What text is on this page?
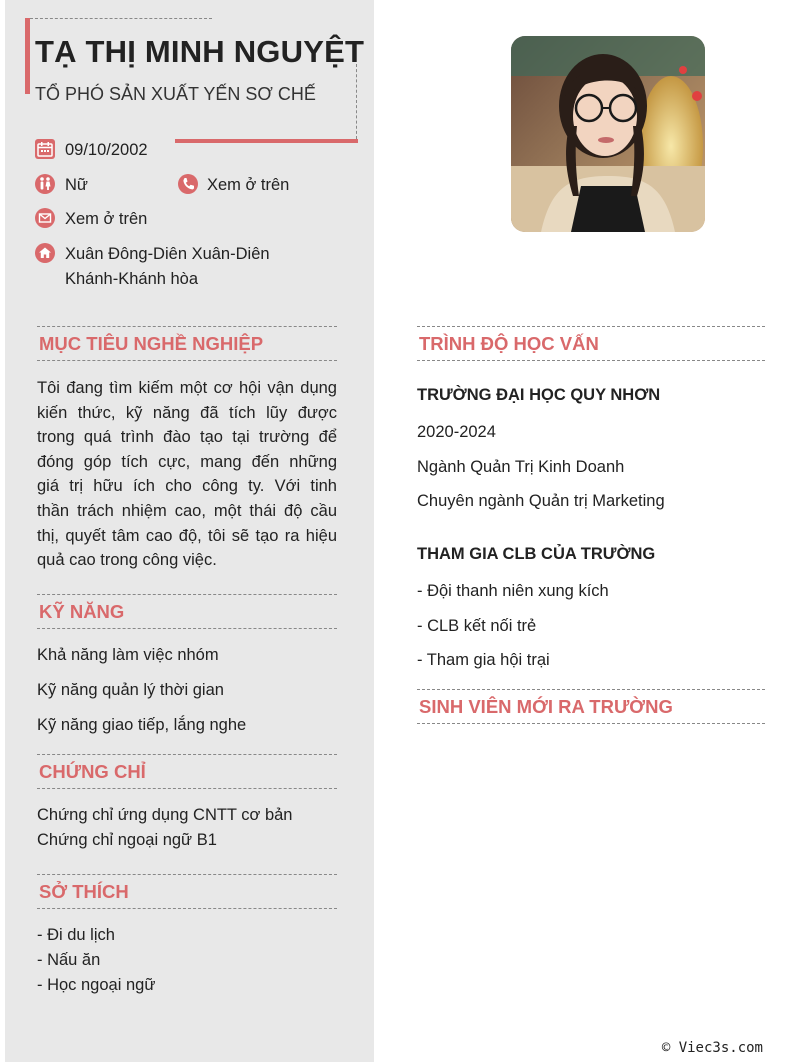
TẠ THỊ MINH NGUYỆT
TỔ PHÓ SẢN XUẤT YẾN SƠ CHẾ
09/10/2002
Nữ	Xem ở trên
Xem ở trên
Xuân Đông-Diên Xuân-Diên
Khánh-Khánh hòa
MỤC TIÊU NGHỀ NGHIỆP
Tôi đang tìm kiếm một cơ hội vận dụng
kiến thức, kỹ năng đã tích lũy được
trong quá trình đào tạo tại trường để
đóng góp tích cực, mang đến những
giá trị hữu ích cho công ty. Với tinh
thần trách nhiệm cao, một thái độ cầu
thị, quyết tâm cao độ, tôi sẽ tạo ra hiệu
quả cao trong công việc.
KỸ NĂNG
Khả năng làm việc nhóm
Kỹ năng quản lý thời gian
Kỹ năng giao tiếp, lắng nghe
CHỨNG CHỈ
Chứng chỉ ứng dụng CNTT cơ bản
Chứng chỉ ngoại ngữ B1
SỞ THÍCH
- Đi du lịch
- Nấu ăn
- Học ngoại ngữ
TRÌNH ĐỘ HỌC VẤN
TRƯỜNG ĐẠI HỌC QUY NHƠN
2020-2024
Ngành Quản Trị Kinh Doanh
Chuyên ngành Quản trị Marketing
THAM GIA CLB CỦA TRƯỜNG
- Đội thanh niên xung kích
- CLB kết nối trẻ
- Tham gia hội trại
SINH VIÊN MỚI RA TRƯỜNG
© Viec3s.com
